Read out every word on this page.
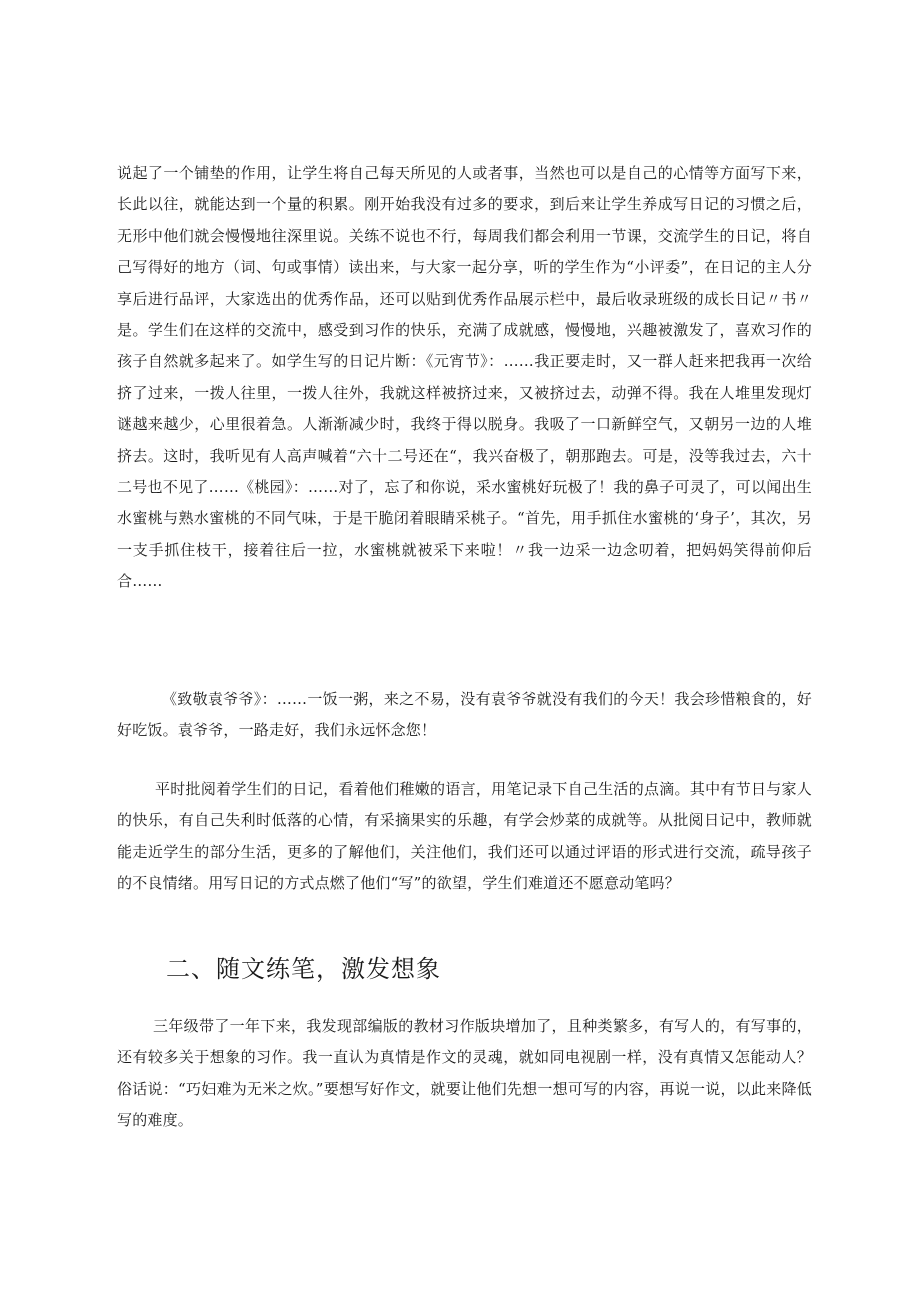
说起了一个铺垫的作用，让学生将自己每天所见的人或者事，当然也可以是自己的心情等方面写下来，长此以往，就能达到一个量的积累。刚开始我没有过多的要求，到后来让学生养成写日记的习惯之后，无形中他们就会慢慢地往深里说。关练不说也不行，每周我们都会利用一节课，交流学生的日记，将自己写得好的地方（词、句或事情）读出来，与大家一起分享，听的学生作为“小评委”，在日记的主人分享后进行品评，大家选出的优秀作品，还可以贴到优秀作品展示栏中，最后收录班级的成长日记〃书〃是。学生们在这样的交流中，感受到习作的快乐，充满了成就感，慢慢地，兴趣被激发了，喜欢习作的孩子自然就多起来了。如学生写的日记片断：《元宵节》：……我正要走时，又一群人赶来把我再一次给挤了过来，一拨人往里，一拨人往外，我就这样被挤过来，又被挤过去，动弹不得。我在人堆里发现灯谜越来越少，心里很着急。人渐渐减少时，我终于得以脱身。我吸了一口新鲜空气，又朝另一边的人堆挤去。这时，我听见有人高声喊着“六十二号还在“，我兴奋极了，朝那跑去。可是，没等我过去，六十二号也不见了……《桃园》：……对了，忘了和你说，采水蜜桃好玩极了！我的鼻子可灵了，可以闻出生水蜜桃与熟水蜜桃的不同气味，于是干脆闭着眼睛采桃子。“首先，用手抓住水蜜桃的‘身子’，其次，另一支手抓住枝干，接着往后一拉，水蜜桃就被采下来啦！〃我一边采一边念叨着，把妈妈笑得前仰后合……

《致敬袁爷爷》：……一饭一粥，来之不易，没有袁爷爷就没有我们的今天！我会珍惜粮食的，好好吃饭。袁爷爷，一路走好，我们永远怀念您！

平时批阅着学生们的日记，看着他们稚嫩的语言，用笔记录下自己生活的点滴。其中有节日与家人的快乐，有自己失利时低落的心情，有采摘果实的乐趣，有学会炒菜的成就等。从批阅日记中，教师就能走近学生的部分生活，更多的了解他们，关注他们，我们还可以通过评语的形式进行交流，疏导孩子的不良情绪。用写日记的方式点燃了他们“写”的欲望，学生们难道还不愿意动笔吗？

二、随文练笔，激发想象

三年级带了一年下来，我发现部编版的教材习作版块增加了，且种类繁多，有写人的，有写事的，还有较多关于想象的习作。我一直认为真情是作文的灵魂，就如同电视剧一样，没有真情又怎能动人？俗话说：“巧妇难为无米之炊。”要想写好作文，就要让他们先想一想可写的内容，再说一说，以此来降低写的难度。
